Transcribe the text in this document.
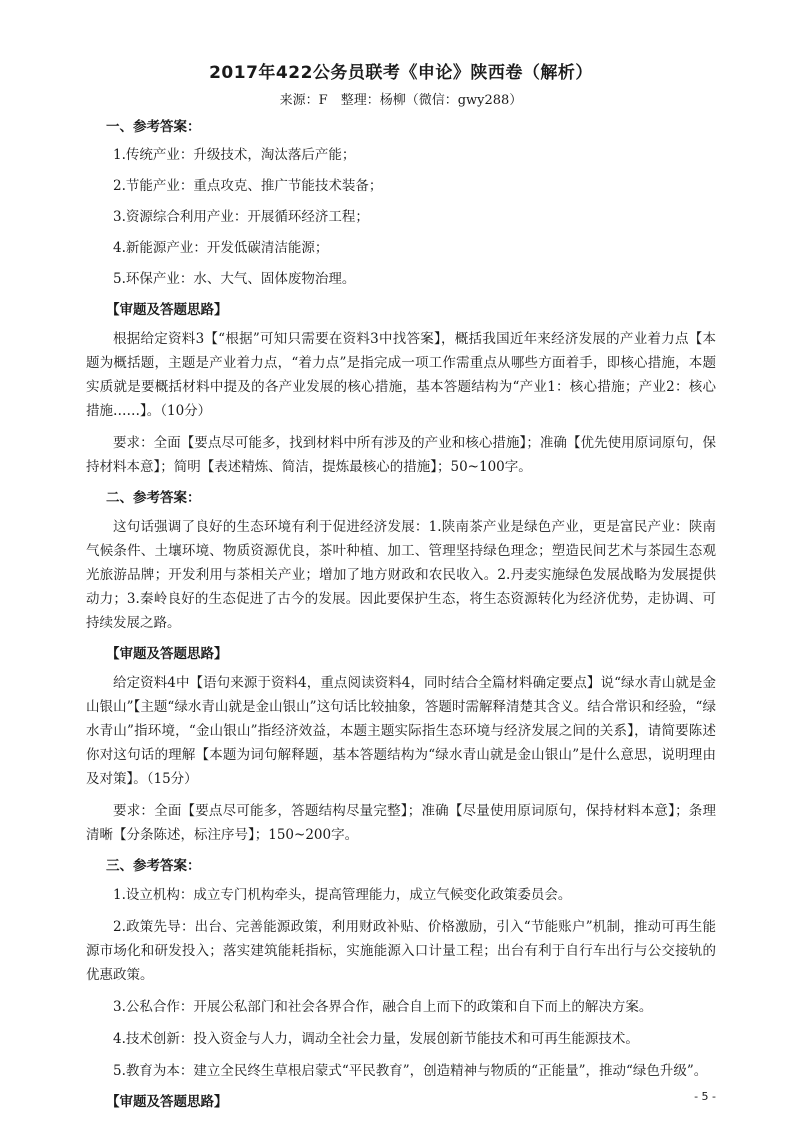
2017年422公务员联考《申论》陕西卷（解析）
来源：F　整理：杨柳（微信：gwy288）
一、参考答案：
1.传统产业：升级技术，淘汰落后产能；
2.节能产业：重点攻克、推广节能技术装备；
3.资源综合利用产业：开展循环经济工程；
4.新能源产业：开发低碳清洁能源；
5.环保产业：水、大气、固体废物治理。
【审题及答题思路】

根据给定资料3【“根据”可知只需要在资料3中找答案】，概括我国近年来经济发展的产业着力点【本题为概括题，主题是产业着力点，“着力点”是指完成一项工作需重点从哪些方面着手，即核心措施，本题实质就是要概括材料中提及的各产业发展的核心措施，基本答题结构为“产业1：核心措施；产业2：核心措施……】。（10分）

要求：全面【要点尽可能多，找到材料中所有涉及的产业和核心措施】；准确【优先使用原词原句，保持材料本意】；简明【表述精炼、简洁，提炼最核心的措施】；50~100字。

二、参考答案：

这句话强调了良好的生态环境有利于促进经济发展：1.陕南茶产业是绿色产业，更是富民产业：陕南气候条件、土壤环境、物质资源优良，茶叶种植、加工、管理坚持绿色理念；塑造民间艺术与茶园生态观光旅游品牌；开发利用与茶相关产业；增加了地方财政和农民收入。2.丹麦实施绿色发展战略为发展提供动力；3.秦岭良好的生态促进了古今的发展。因此要保护生态，将生态资源转化为经济优势，走协调、可持续发展之路。

【审题及答题思路】

给定资料4中【语句来源于资料4，重点阅读资料4，同时结合全篇材料确定要点】说“绿水青山就是金山银山”【主题“绿水青山就是金山银山”这句话比较抽象，答题时需解释清楚其含义。结合常识和经验，“绿水青山”指环境，“金山银山”指经济效益，本题主题实际指生态环境与经济发展之间的关系】，请简要陈述你对这句话的理解【本题为词句解释题，基本答题结构为“绿水青山就是金山银山”是什么意思，说明理由及对策】。（15分）

要求：全面【要点尽可能多，答题结构尽量完整】；准确【尽量使用原词原句，保持材料本意】；条理清晰【分条陈述，标注序号】；150~200字。

三、参考答案：

1.设立机构：成立专门机构牵头，提高管理能力，成立气候变化政策委员会。

2.政策先导：出台、完善能源政策，利用财政补贴、价格激励，引入“节能账户”机制，推动可再生能源市场化和研发投入；落实建筑能耗指标，实施能源入口计量工程；出台有利于自行车出行与公交接轨的优惠政策。

3.公私合作：开展公私部门和社会各界合作，融合自上而下的政策和自下而上的解决方案。

4.技术创新：投入资金与人力，调动全社会力量，发展创新节能技术和可再生能源技术。

5.教育为本：建立全民终生草根启蒙式“平民教育”，创造精神与物质的“正能量”，推动“绿色升级”。

【审题及答题思路】	- 5 -
